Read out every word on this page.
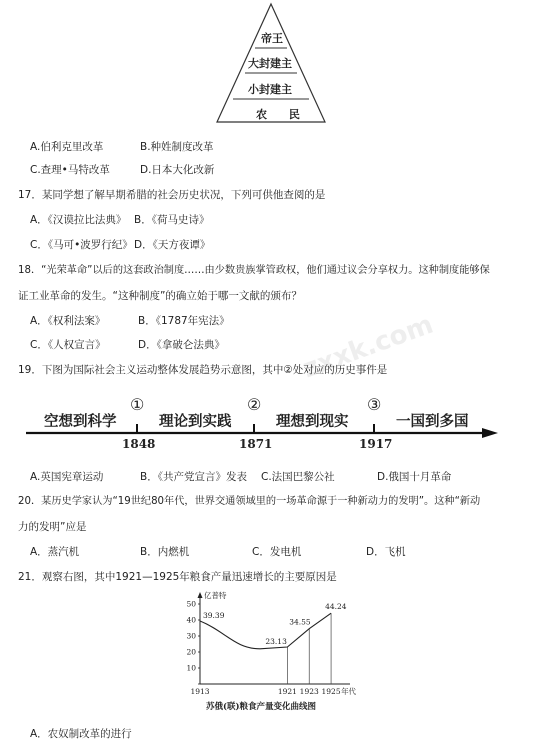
帝王
大封建主
小封建主
农 民
A.伯利克里改革	B.种姓制度改革
C.查理•马特改革	D.日本大化改新
17．某同学想了解早期希腊的社会历史状况，下列可供他查阅的是
A．《汉谟拉比法典》 B．《荷马史诗》
C．《马可•波罗行纪》 D．《天方夜谭》
18．“光荣革命”以后的这套政治制度……由少数贵族掌管政权，他们通过议会分享权力。这种制度能够保
证工业革命的发生。“这种制度”的确立始于哪一文献的颁布？
A．《权利法案》	B．《1787年宪法》
C．《人权宣言》	D．《拿破仑法典》	zxxk.com
19．下图为国际社会主义运动整体发展趋势示意图，其中②处对应的历史事件是
空想到科学	理论到实践	理想到现实	一国到多国
①	②	③
1848	1871	1917
A.英国宪章运动	B．《共产党宣言》发表 C.法国巴黎公社	D.俄国十月革命
20．某历史学家认为“19世纪80年代，世界交通领域里的一场革命源于一种新动力的发明”。这种“新动
力的发明”应是
A．蒸汽机	B．内燃机	C．发电机	D．飞机
21．观察右图，其中1921—1925年粮食产量迅速增长的主要原因是
亿普特
10
20
30
40
50
1913	1921 1923 1925 年代
39.39
23.13
34.55
44.24
苏俄(联)粮食产量变化曲线图
A．农奴制改革的进行
